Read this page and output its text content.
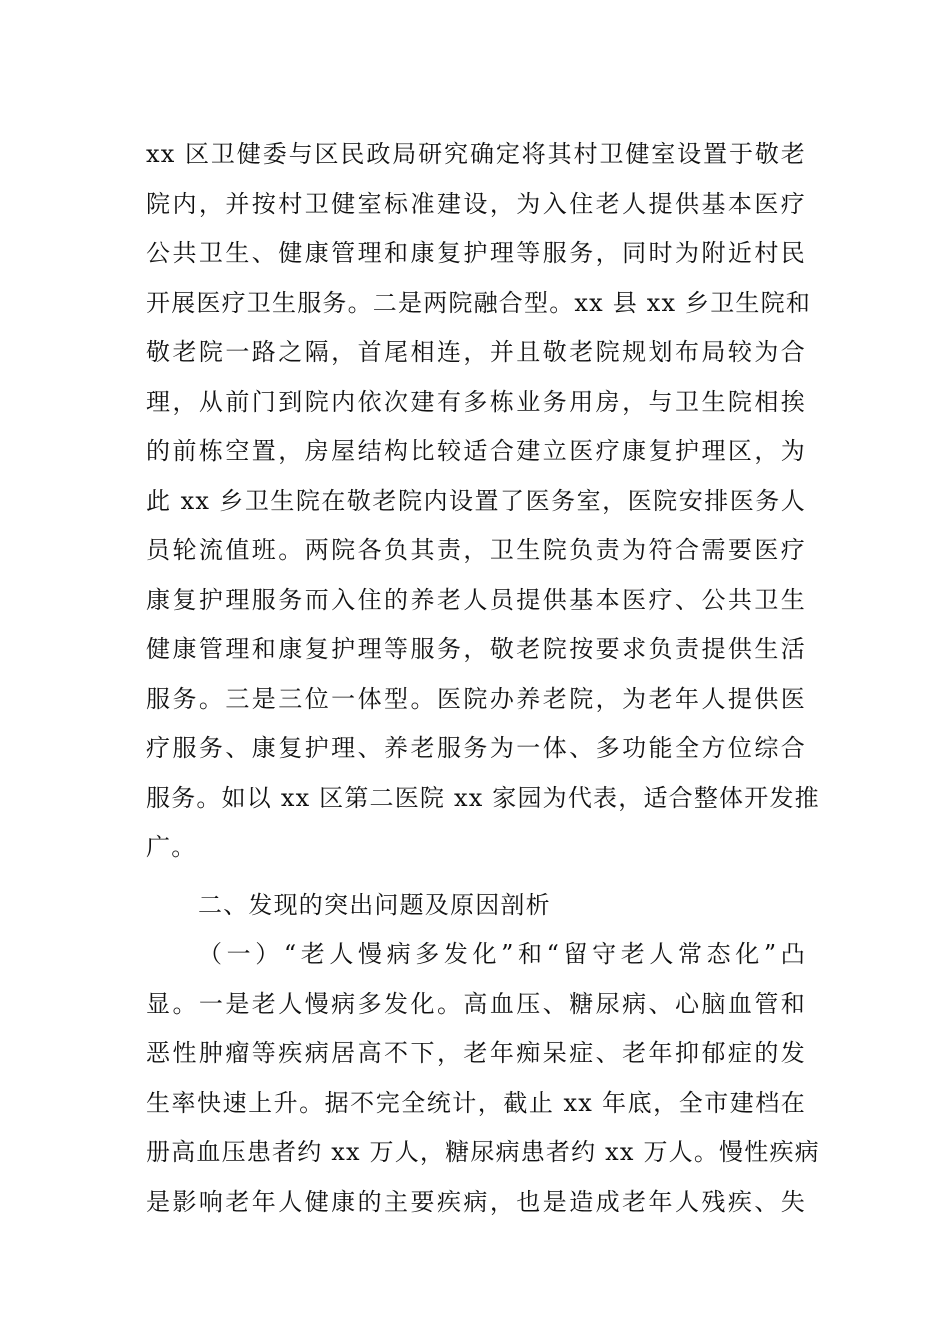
xx 区卫健委与区民政局研究确定将其村卫健室设置于敬老
院内，并按村卫健室标准建设，为入住老人提供基本医疗
公共卫生、健康管理和康复护理等服务，同时为附近村民
开展医疗卫生服务。二是两院融合型。xx 县 xx 乡卫生院和
敬老院一路之隔，首尾相连，并且敬老院规划布局较为合
理，从前门到院内依次建有多栋业务用房，与卫生院相挨
的前栋空置，房屋结构比较适合建立医疗康复护理区，为
此 xx 乡卫生院在敬老院内设置了医务室，医院安排医务人
员轮流值班。两院各负其责，卫生院负责为符合需要医疗
康复护理服务而入住的养老人员提供基本医疗、公共卫生
健康管理和康复护理等服务，敬老院按要求负责提供生活
服务。三是三位一体型。医院办养老院，为老年人提供医
疗服务、康复护理、养老服务为一体、多功能全方位综合
服务。如以 xx 区第二医院 xx 家园为代表，适合整体开发推
广。
二、发现的突出问题及原因剖析
（一）“老人慢病多发化”和“留守老人常态化”凸
显。一是老人慢病多发化。高血压、糖尿病、心脑血管和
恶性肿瘤等疾病居高不下，老年痴呆症、老年抑郁症的发
生率快速上升。据不完全统计，截止 xx 年底，全市建档在
册高血压患者约 xx 万人，糖尿病患者约 xx 万人。慢性疾病
是影响老年人健康的主要疾病，也是造成老年人残疾、失
